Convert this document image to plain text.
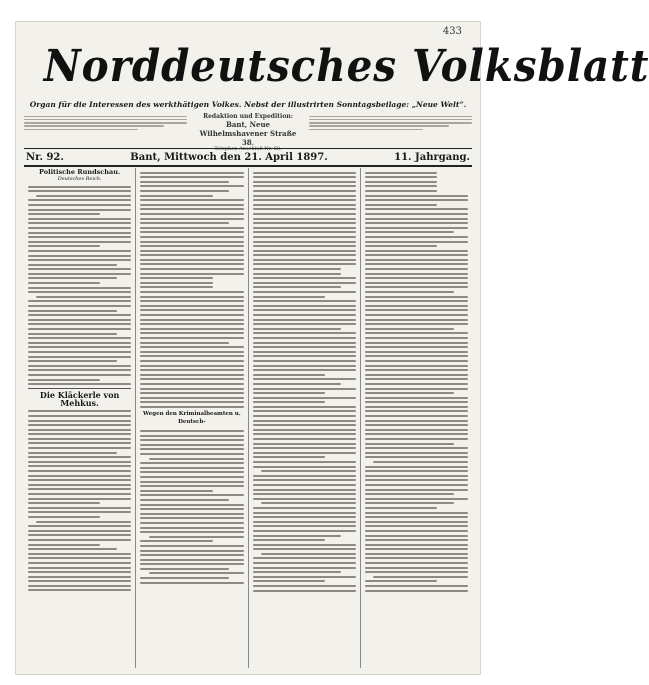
433
Norddeutsches Volksblatt
Organ für die Interessen des werkthätigen Volkes. Nebst der illustrirten Sonntagsbeilage: „Neue Welt“.
Redaktion und Expedition:
Bant, Neue Wilhelmshavener Straße 38.
Telephon-Anschluß Nr. 58.
Nr. 92.	Bant, Mittwoch den 21. April 1897.	11. Jahrgang.
Politische Rundschau.
Deutsches Reich.
Die Kläckerle von Mehkus.
Wegen den Kriminalbeamten u. Deutsch-
